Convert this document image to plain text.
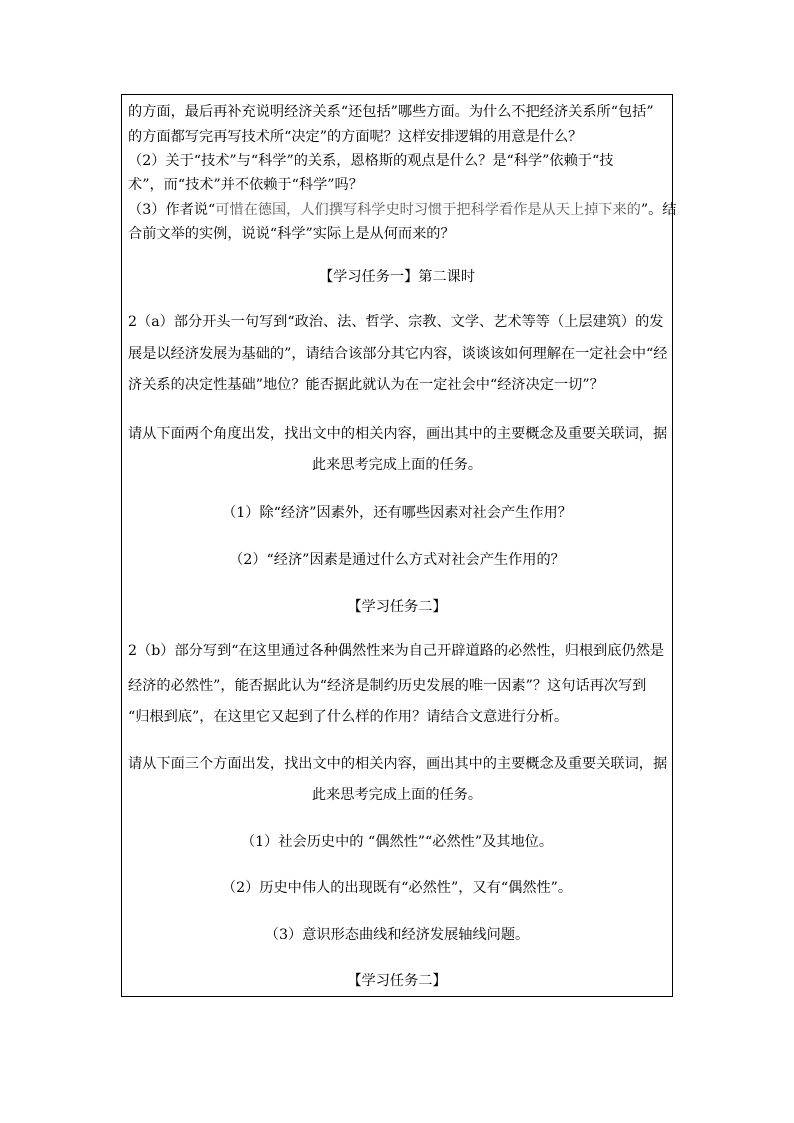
的方面，最后再补充说明经济关系“还包括”哪些方面。为什么不把经济关系所“包括”

的方面都写完再写技术所“决定”的方面呢？这样安排逻辑的用意是什么？

（2）关于“技术”与“科学”的关系，恩格斯的观点是什么？是“科学”依赖于“技

术”，而“技术”并不依赖于“科学”吗？

（3）作者说“可惜在德国，人们撰写科学史时习惯于把科学看作是从天上掉下来的”。结

合前文举的实例，说说“科学”实际上是从何而来的？

【学习任务一】第二课时

2（a）部分开头一句写到“政治、法、哲学、宗教、文学、艺术等等（上层建筑）的发

展是以经济发展为基础的”，请结合该部分其它内容，谈谈该如何理解在一定社会中“经

济关系的决定性基础”地位？能否据此就认为在一定社会中“经济决定一切”？

请从下面两个角度出发，找出文中的相关内容，画出其中的主要概念及重要关联词，据

此来思考完成上面的任务。

（1）除“经济”因素外，还有哪些因素对社会产生作用？

（2）“经济”因素是通过什么方式对社会产生作用的？

【学习任务二】

2（b）部分写到“在这里通过各种偶然性来为自己开辟道路的必然性，归根到底仍然是

经济的必然性”，能否据此认为“经济是制约历史发展的唯一因素”？这句话再次写到

“归根到底”，在这里它又起到了什么样的作用？请结合文意进行分析。

请从下面三个方面出发，找出文中的相关内容，画出其中的主要概念及重要关联词，据

此来思考完成上面的任务。

（1）社会历史中的 “偶然性”“必然性”及其地位。

（2）历史中伟人的出现既有“必然性”，又有“偶然性”。

（3）意识形态曲线和经济发展轴线问题。

【学习任务二】
